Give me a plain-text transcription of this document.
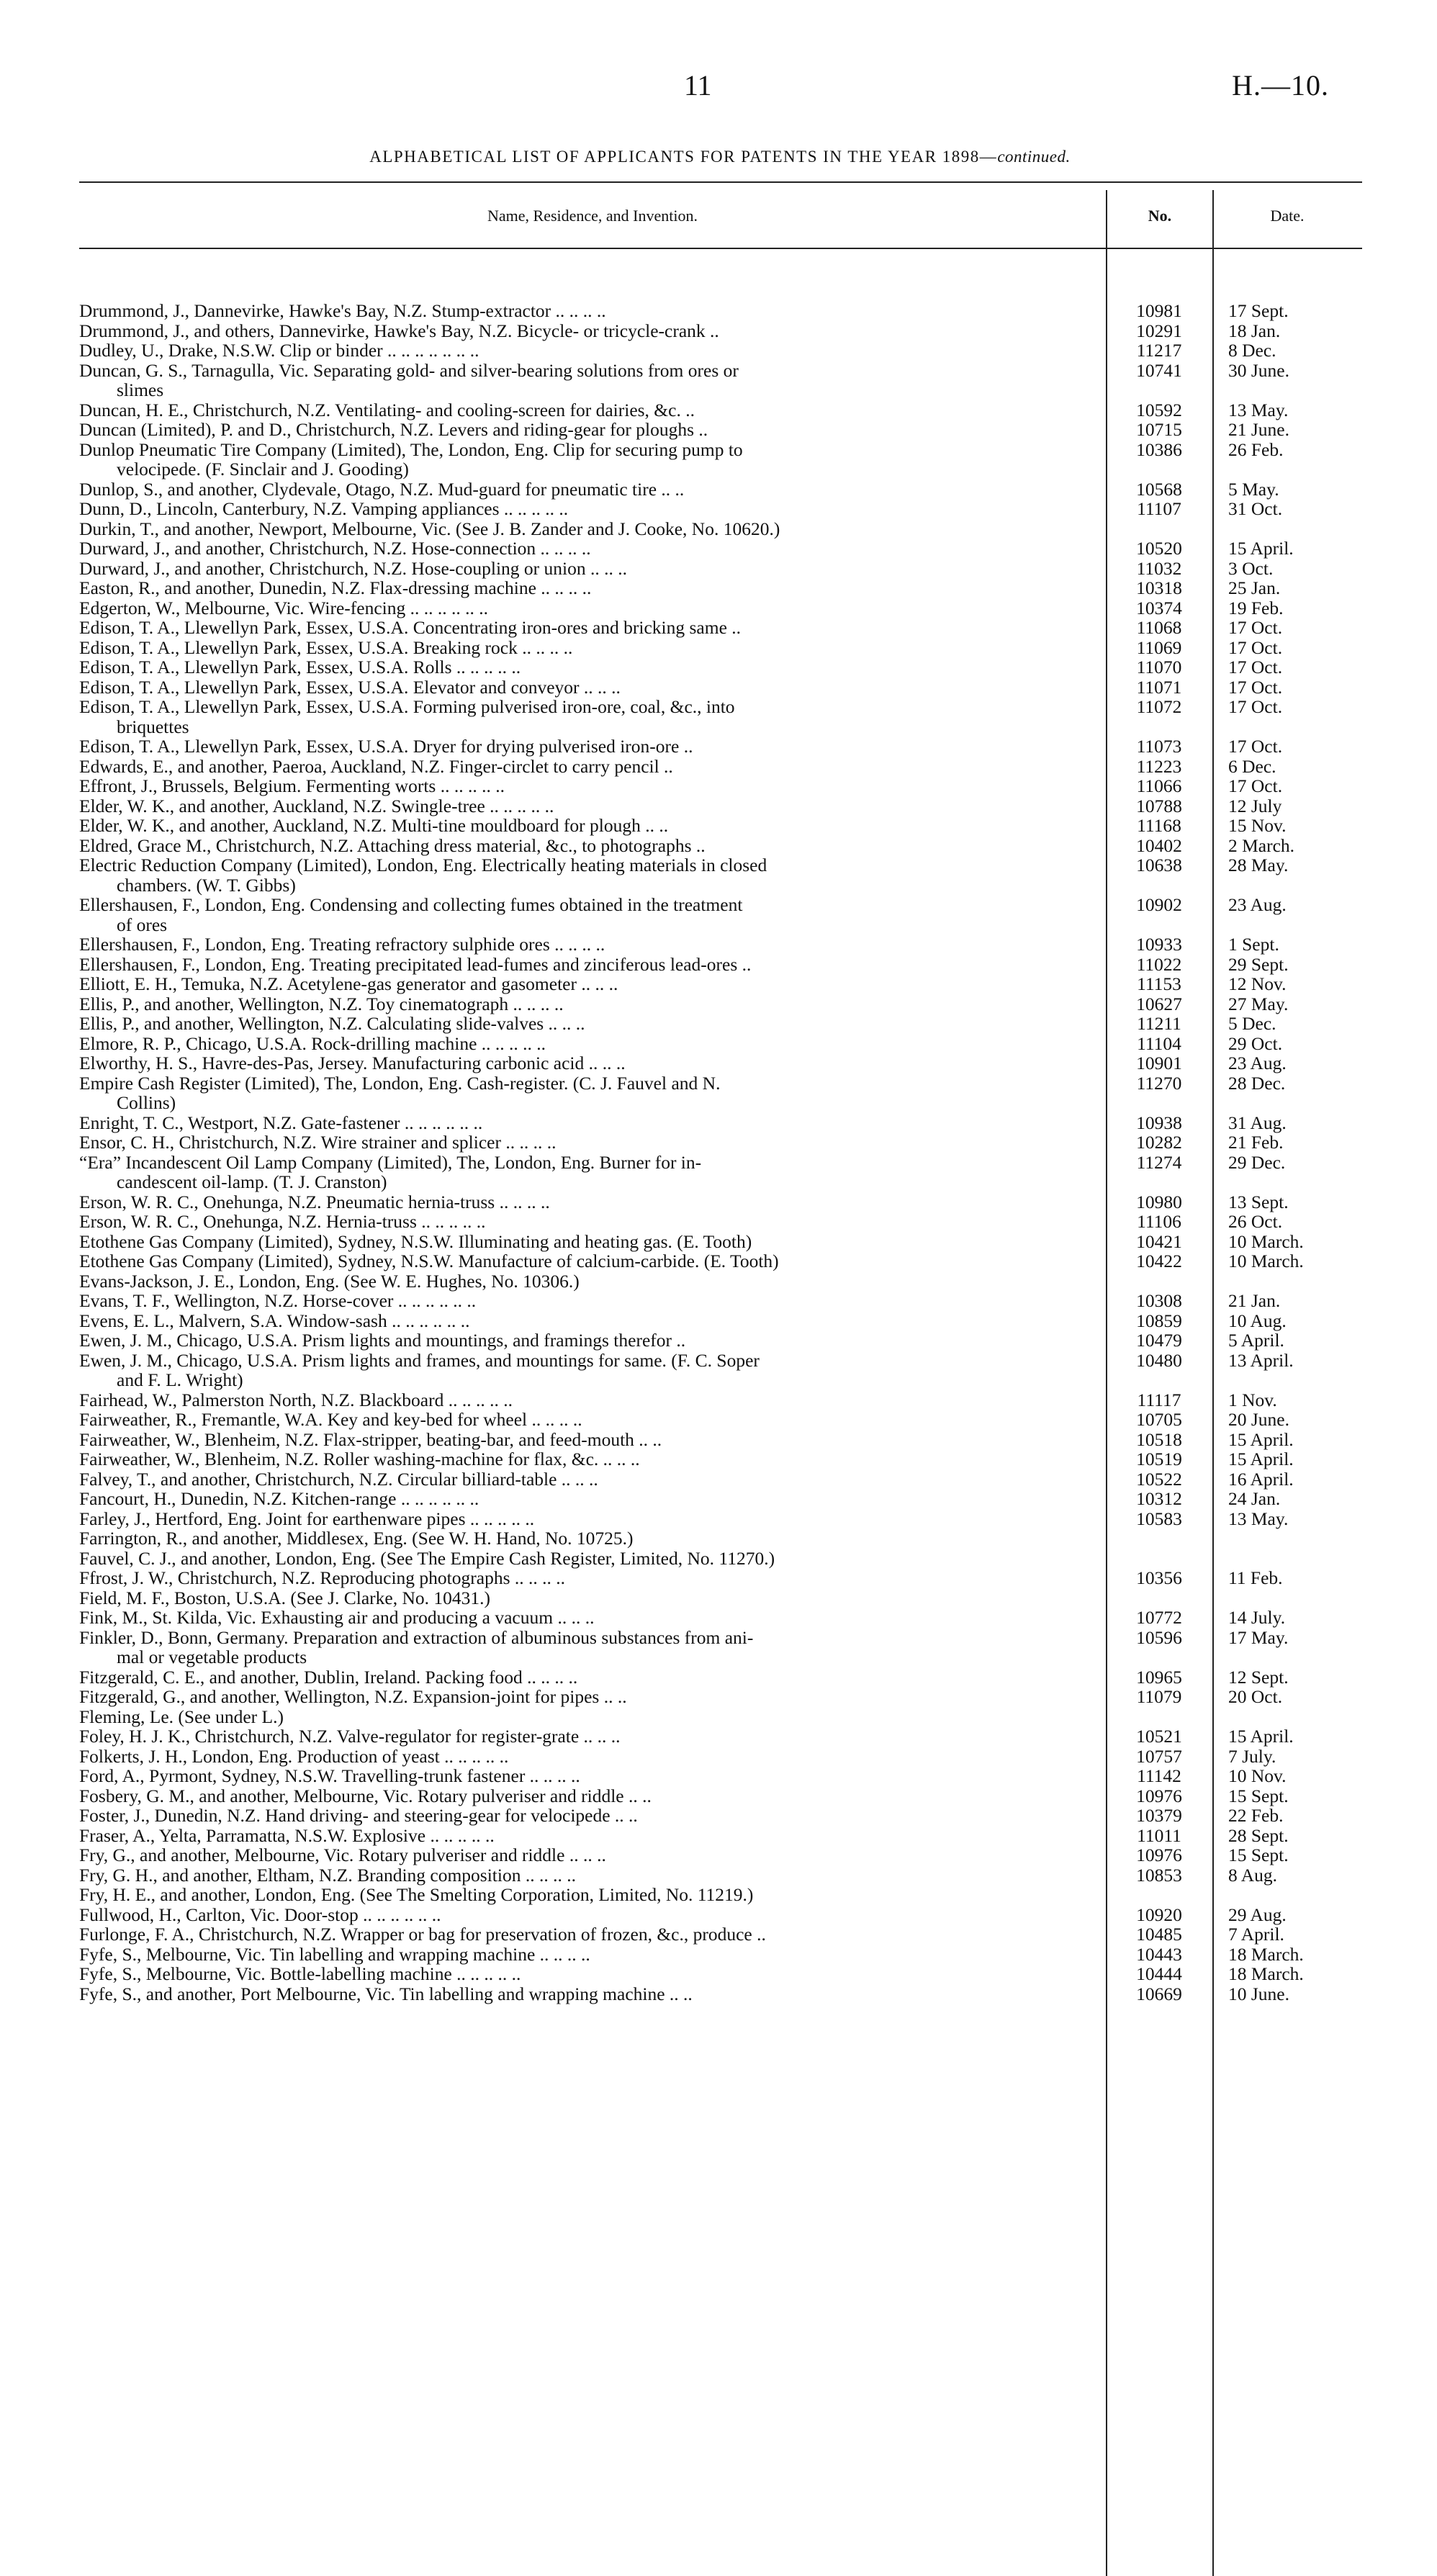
11	H.—10.
ALPHABETICAL LIST OF APPLICANTS FOR PATENTS IN THE YEAR 1898—continued.
Name, Residence, and Invention.	No.	Date.
Drummond, J., Dannevirke, Hawke's Bay, N.Z. Stump-extractor .. .. .. ..	10981	17 Sept.
Drummond, J., and others, Dannevirke, Hawke's Bay, N.Z. Bicycle- or tricycle-crank ..	10291	18 Jan.
Dudley, U., Drake, N.S.W. Clip or binder .. .. .. .. .. .. ..	11217	8 Dec.
Duncan, G. S., Tarnagulla, Vic. Separating gold- and silver-bearing solutions from ores or
slimes
10741	30 June.
Duncan, H. E., Christchurch, N.Z. Ventilating- and cooling-screen for dairies, &c. ..	10592	13 May.
Duncan (Limited), P. and D., Christchurch, N.Z. Levers and riding-gear for ploughs ..	10715	21 June.
Dunlop Pneumatic Tire Company (Limited), The, London, Eng. Clip for securing pump to
velocipede. (F. Sinclair and J. Gooding)
10386	26 Feb.
Dunlop, S., and another, Clydevale, Otago, N.Z. Mud-guard for pneumatic tire .. ..	10568	5 May.
Dunn, D., Lincoln, Canterbury, N.Z. Vamping appliances .. .. .. .. ..	11107	31 Oct.
Durkin, T., and another, Newport, Melbourne, Vic. (See J. B. Zander and J. Cooke, No. 10620.)
Durward, J., and another, Christchurch, N.Z. Hose-connection .. .. .. ..	10520	15 April.
Durward, J., and another, Christchurch, N.Z. Hose-coupling or union .. .. ..	11032	3 Oct.
Easton, R., and another, Dunedin, N.Z. Flax-dressing machine .. .. .. ..	10318	25 Jan.
Edgerton, W., Melbourne, Vic. Wire-fencing .. .. .. .. .. ..	10374	19 Feb.
Edison, T. A., Llewellyn Park, Essex, U.S.A. Concentrating iron-ores and bricking same ..	11068	17 Oct.
Edison, T. A., Llewellyn Park, Essex, U.S.A. Breaking rock .. .. .. ..	11069	17 Oct.
Edison, T. A., Llewellyn Park, Essex, U.S.A. Rolls .. .. .. .. ..	11070	17 Oct.
Edison, T. A., Llewellyn Park, Essex, U.S.A. Elevator and conveyor .. .. ..	11071	17 Oct.
Edison, T. A., Llewellyn Park, Essex, U.S.A. Forming pulverised iron-ore, coal, &c., into
briquettes
11072	17 Oct.
Edison, T. A., Llewellyn Park, Essex, U.S.A. Dryer for drying pulverised iron-ore ..	11073	17 Oct.
Edwards, E., and another, Paeroa, Auckland, N.Z. Finger-circlet to carry pencil ..	11223	6 Dec.
Effront, J., Brussels, Belgium. Fermenting worts .. .. .. .. ..	11066	17 Oct.
Elder, W. K., and another, Auckland, N.Z. Swingle-tree .. .. .. .. ..	10788	12 July
Elder, W. K., and another, Auckland, N.Z. Multi-tine mouldboard for plough .. ..	11168	15 Nov.
Eldred, Grace M., Christchurch, N.Z. Attaching dress material, &c., to photographs ..	10402	2 March.
Electric Reduction Company (Limited), London, Eng. Electrically heating materials in closed
chambers. (W. T. Gibbs)
10638	28 May.
Ellershausen, F., London, Eng. Condensing and collecting fumes obtained in the treatment
of ores
10902	23 Aug.
Ellershausen, F., London, Eng. Treating refractory sulphide ores .. .. .. ..	10933	1 Sept.
Ellershausen, F., London, Eng. Treating precipitated lead-fumes and zinciferous lead-ores ..	11022	29 Sept.
Elliott, E. H., Temuka, N.Z. Acetylene-gas generator and gasometer .. .. ..	11153	12 Nov.
Ellis, P., and another, Wellington, N.Z. Toy cinematograph .. .. .. ..	10627	27 May.
Ellis, P., and another, Wellington, N.Z. Calculating slide-valves .. .. ..	11211	5 Dec.
Elmore, R. P., Chicago, U.S.A. Rock-drilling machine .. .. .. .. ..	11104	29 Oct.
Elworthy, H. S., Havre-des-Pas, Jersey. Manufacturing carbonic acid .. .. ..	10901	23 Aug.
Empire Cash Register (Limited), The, London, Eng. Cash-register. (C. J. Fauvel and N.
Collins)
11270	28 Dec.
Enright, T. C., Westport, N.Z. Gate-fastener .. .. .. .. .. ..	10938	31 Aug.
Ensor, C. H., Christchurch, N.Z. Wire strainer and splicer .. .. .. ..	10282	21 Feb.
“Era” Incandescent Oil Lamp Company (Limited), The, London, Eng. Burner for in-
candescent oil-lamp. (T. J. Cranston)
11274	29 Dec.
Erson, W. R. C., Onehunga, N.Z. Pneumatic hernia-truss .. .. .. ..	10980	13 Sept.
Erson, W. R. C., Onehunga, N.Z. Hernia-truss .. .. .. .. ..	11106	26 Oct.
Etothene Gas Company (Limited), Sydney, N.S.W. Illuminating and heating gas. (E. Tooth)	10421	10 March.
Etothene Gas Company (Limited), Sydney, N.S.W. Manufacture of calcium-carbide. (E. Tooth)	10422	10 March.
Evans-Jackson, J. E., London, Eng. (See W. E. Hughes, No. 10306.)
Evans, T. F., Wellington, N.Z. Horse-cover .. .. .. .. .. ..	10308	21 Jan.
Evens, E. L., Malvern, S.A. Window-sash .. .. .. .. .. ..	10859	10 Aug.
Ewen, J. M., Chicago, U.S.A. Prism lights and mountings, and framings therefor ..	10479	5 April.
Ewen, J. M., Chicago, U.S.A. Prism lights and frames, and mountings for same. (F. C. Soper
and F. L. Wright)
10480	13 April.
Fairhead, W., Palmerston North, N.Z. Blackboard .. .. .. .. ..	11117	1 Nov.
Fairweather, R., Fremantle, W.A. Key and key-bed for wheel .. .. .. ..	10705	20 June.
Fairweather, W., Blenheim, N.Z. Flax-stripper, beating-bar, and feed-mouth .. ..	10518	15 April.
Fairweather, W., Blenheim, N.Z. Roller washing-machine for flax, &c. .. .. ..	10519	15 April.
Falvey, T., and another, Christchurch, N.Z. Circular billiard-table .. .. ..	10522	16 April.
Fancourt, H., Dunedin, N.Z. Kitchen-range .. .. .. .. .. ..	10312	24 Jan.
Farley, J., Hertford, Eng. Joint for earthenware pipes .. .. .. .. ..	10583	13 May.
Farrington, R., and another, Middlesex, Eng. (See W. H. Hand, No. 10725.)
Fauvel, C. J., and another, London, Eng. (See The Empire Cash Register, Limited, No. 11270.)
Ffrost, J. W., Christchurch, N.Z. Reproducing photographs .. .. .. ..	10356	11 Feb.
Field, M. F., Boston, U.S.A. (See J. Clarke, No. 10431.)
Fink, M., St. Kilda, Vic. Exhausting air and producing a vacuum .. .. ..	10772	14 July.
Finkler, D., Bonn, Germany. Preparation and extraction of albuminous substances from ani-
mal or vegetable products
10596	17 May.
Fitzgerald, C. E., and another, Dublin, Ireland. Packing food .. .. .. ..	10965	12 Sept.
Fitzgerald, G., and another, Wellington, N.Z. Expansion-joint for pipes .. ..	11079	20 Oct.
Fleming, Le. (See under L.)
Foley, H. J. K., Christchurch, N.Z. Valve-regulator for register-grate .. .. ..	10521	15 April.
Folkerts, J. H., London, Eng. Production of yeast .. .. .. .. ..	10757	7 July.
Ford, A., Pyrmont, Sydney, N.S.W. Travelling-trunk fastener .. .. .. ..	11142	10 Nov.
Fosbery, G. M., and another, Melbourne, Vic. Rotary pulveriser and riddle .. ..	10976	15 Sept.
Foster, J., Dunedin, N.Z. Hand driving- and steering-gear for velocipede .. ..	10379	22 Feb.
Fraser, A., Yelta, Parramatta, N.S.W. Explosive .. .. .. .. ..	11011	28 Sept.
Fry, G., and another, Melbourne, Vic. Rotary pulveriser and riddle .. .. ..	10976	15 Sept.
Fry, G. H., and another, Eltham, N.Z. Branding composition .. .. .. ..	10853	8 Aug.
Fry, H. E., and another, London, Eng. (See The Smelting Corporation, Limited, No. 11219.)
Fullwood, H., Carlton, Vic. Door-stop .. .. .. .. .. ..	10920	29 Aug.
Furlonge, F. A., Christchurch, N.Z. Wrapper or bag for preservation of frozen, &c., produce ..	10485	7 April.
Fyfe, S., Melbourne, Vic. Tin labelling and wrapping machine .. .. .. ..	10443	18 March.
Fyfe, S., Melbourne, Vic. Bottle-labelling machine .. .. .. .. ..	10444	18 March.
Fyfe, S., and another, Port Melbourne, Vic. Tin labelling and wrapping machine .. ..	10669	10 June.
